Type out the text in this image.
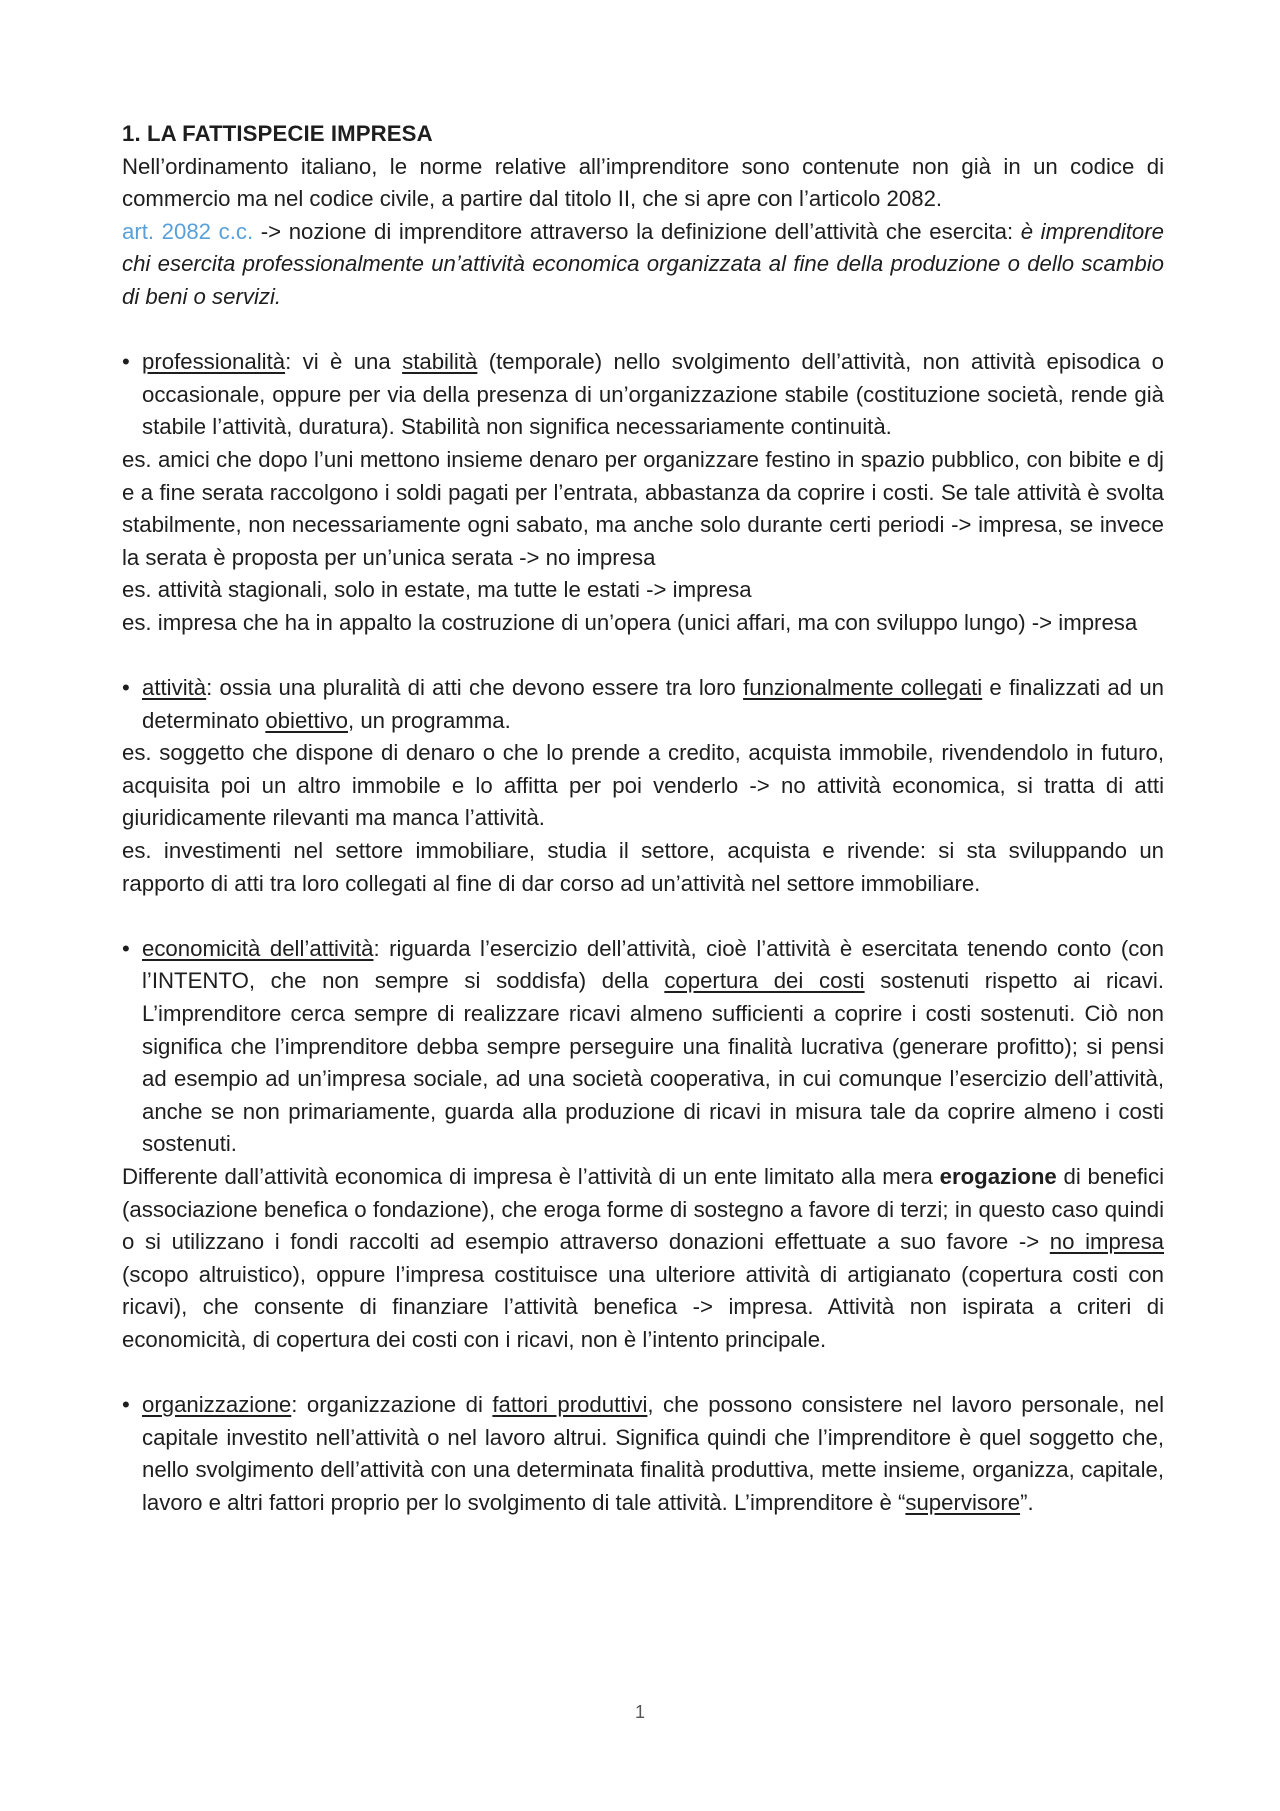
1. LA FATTISPECIE IMPRESA
Nell’ordinamento italiano, le norme relative all’imprenditore sono contenute non già in un codice di commercio ma nel codice civile, a partire dal titolo II, che si apre con l’articolo 2082.
art. 2082 c.c. -> nozione di imprenditore attraverso la definizione dell’attività che esercita: è imprenditore chi esercita professionalmente un’attività economica organizzata al fine della produzione o dello scambio di beni o servizi.
• professionalità: vi è una stabilità (temporale) nello svolgimento dell’attività, non attività episodica o occasionale, oppure per via della presenza di un’organizzazione stabile (costituzione società, rende già stabile l’attività, duratura). Stabilità non significa necessariamente continuità.
es. amici che dopo l’uni mettono insieme denaro per organizzare festino in spazio pubblico, con bibite e dj e a fine serata raccolgono i soldi pagati per l’entrata, abbastanza da coprire i costi. Se tale attività è svolta stabilmente, non necessariamente ogni sabato, ma anche solo durante certi periodi -> impresa, se invece la serata è proposta per un’unica serata -> no impresa
es. attività stagionali, solo in estate, ma tutte le estati -> impresa
es. impresa che ha in appalto la costruzione di un’opera (unici affari, ma con sviluppo lungo) -> impresa
• attività: ossia una pluralità di atti che devono essere tra loro funzionalmente collegati e finalizzati ad un determinato obiettivo, un programma.
es. soggetto che dispone di denaro o che lo prende a credito, acquista immobile, rivendendolo in futuro, acquisita poi un altro immobile e lo affitta per poi venderlo -> no attività economica, si tratta di atti giuridicamente rilevanti ma manca l’attività.
es. investimenti nel settore immobiliare, studia il settore, acquista e rivende: si sta sviluppando un rapporto di atti tra loro collegati al fine di dar corso ad un’attività nel settore immobiliare.
• economicità dell’attività: riguarda l’esercizio dell’attività, cioè l’attività è esercitata tenendo conto (con l’INTENTO, che non sempre si soddisfa) della copertura dei costi sostenuti rispetto ai ricavi. L’imprenditore cerca sempre di realizzare ricavi almeno sufficienti a coprire i costi sostenuti. Ciò non significa che l’imprenditore debba sempre perseguire una finalità lucrativa (generare profitto); si pensi ad esempio ad un’impresa sociale, ad una società cooperativa, in cui comunque l’esercizio dell’attività, anche se non primariamente, guarda alla produzione di ricavi in misura tale da coprire almeno i costi sostenuti.
Differente dall’attività economica di impresa è l’attività di un ente limitato alla mera erogazione di benefici (associazione benefica o fondazione), che eroga forme di sostegno a favore di terzi; in questo caso quindi o si utilizzano i fondi raccolti ad esempio attraverso donazioni effettuate a suo favore -> no impresa (scopo altruistico), oppure l’impresa costituisce una ulteriore attività di artigianato (copertura costi con ricavi), che consente di finanziare l’attività benefica -> impresa. Attività non ispirata a criteri di economicità, di copertura dei costi con i ricavi, non è l’intento principale.
• organizzazione: organizzazione di fattori produttivi, che possono consistere nel lavoro personale, nel capitale investito nell’attività o nel lavoro altrui. Significa quindi che l’imprenditore è quel soggetto che, nello svolgimento dell’attività con una determinata finalità produttiva, mette insieme, organizza, capitale, lavoro e altri fattori proprio per lo svolgimento di tale attività. L’imprenditore è “supervisore”.
1
